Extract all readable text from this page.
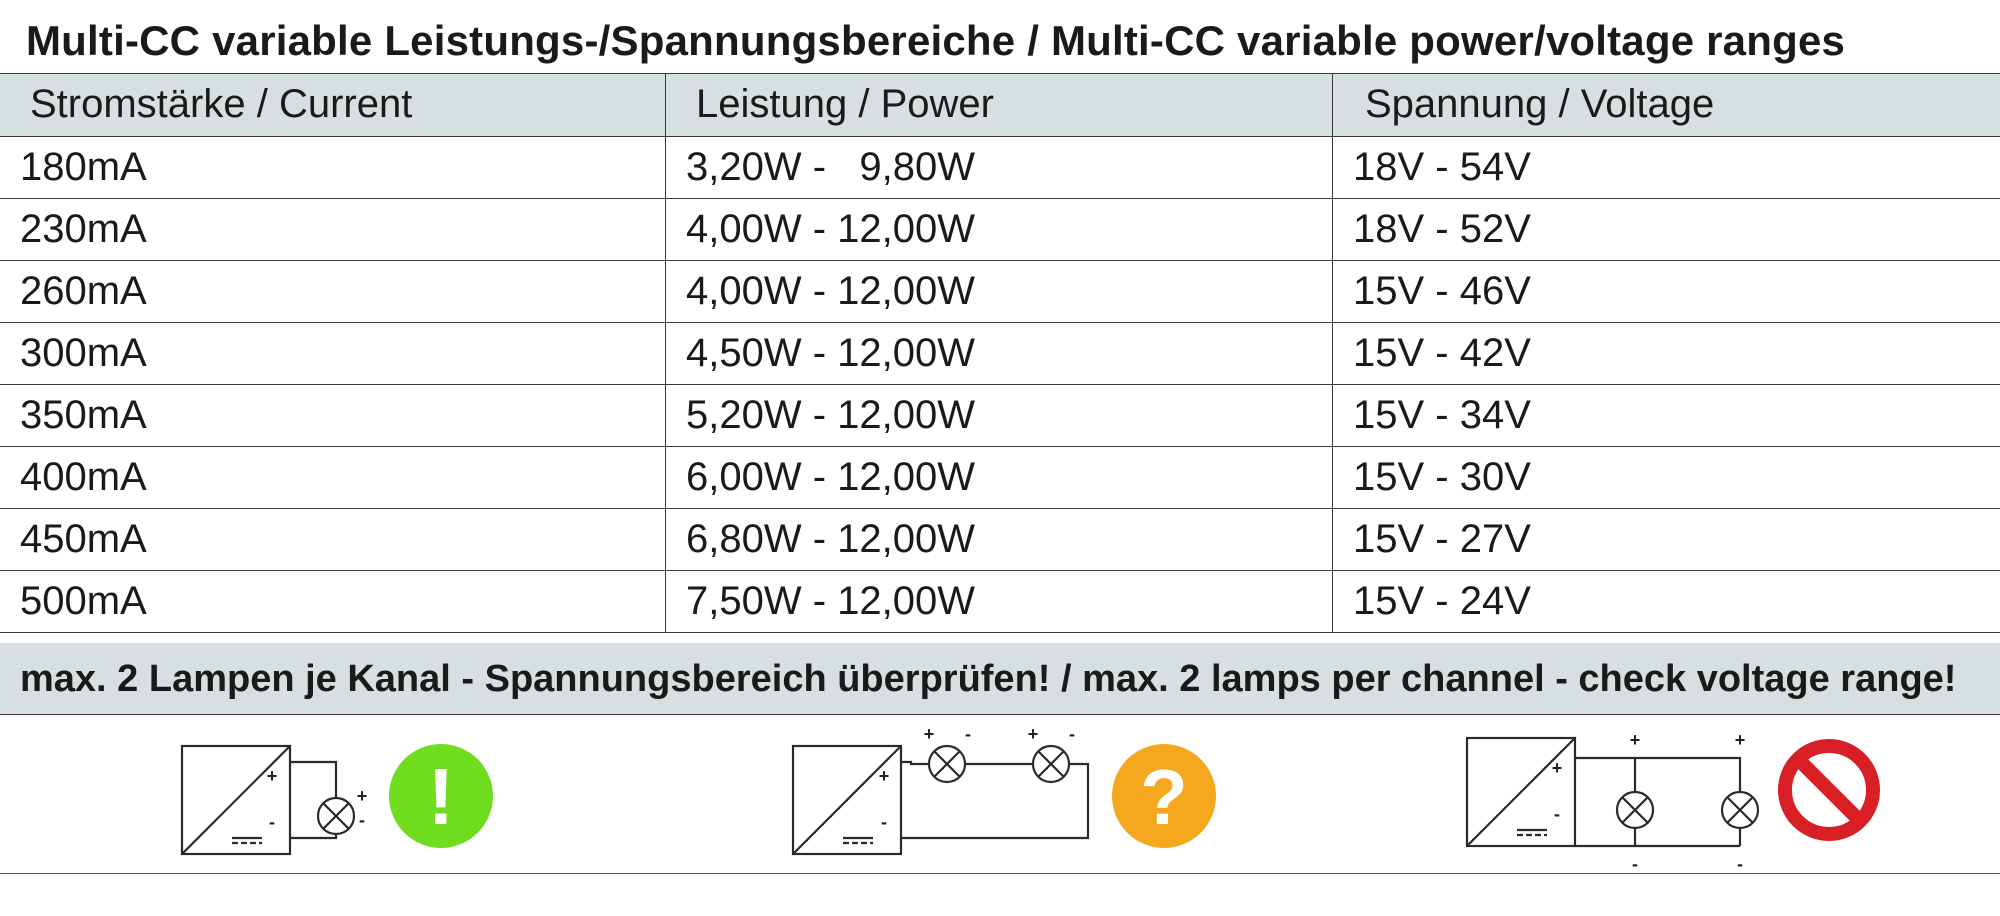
Multi-CC variable Leistungs-/Spannungsbereiche / Multi-CC variable power/voltage ranges
Stromstärke / Current	Leistung / Power	Spannung / Voltage
180mA	3,20W -   9,80W	18V - 54V
230mA	4,00W - 12,00W	18V - 52V
260mA	4,00W - 12,00W	15V - 46V
300mA	4,50W - 12,00W	15V - 42V
350mA	5,20W - 12,00W	15V - 34V
400mA	6,00W - 12,00W	15V - 30V
450mA	6,80W - 12,00W	15V - 27V
500mA	7,50W - 12,00W	15V - 24V
max. 2 Lampen je Kanal - Spannungsbereich überprüfen! / max. 2 lamps per channel - check voltage range!
+
-
+
-
+
-
+ -	+ -
+
-
+	+
-	-
!	?
